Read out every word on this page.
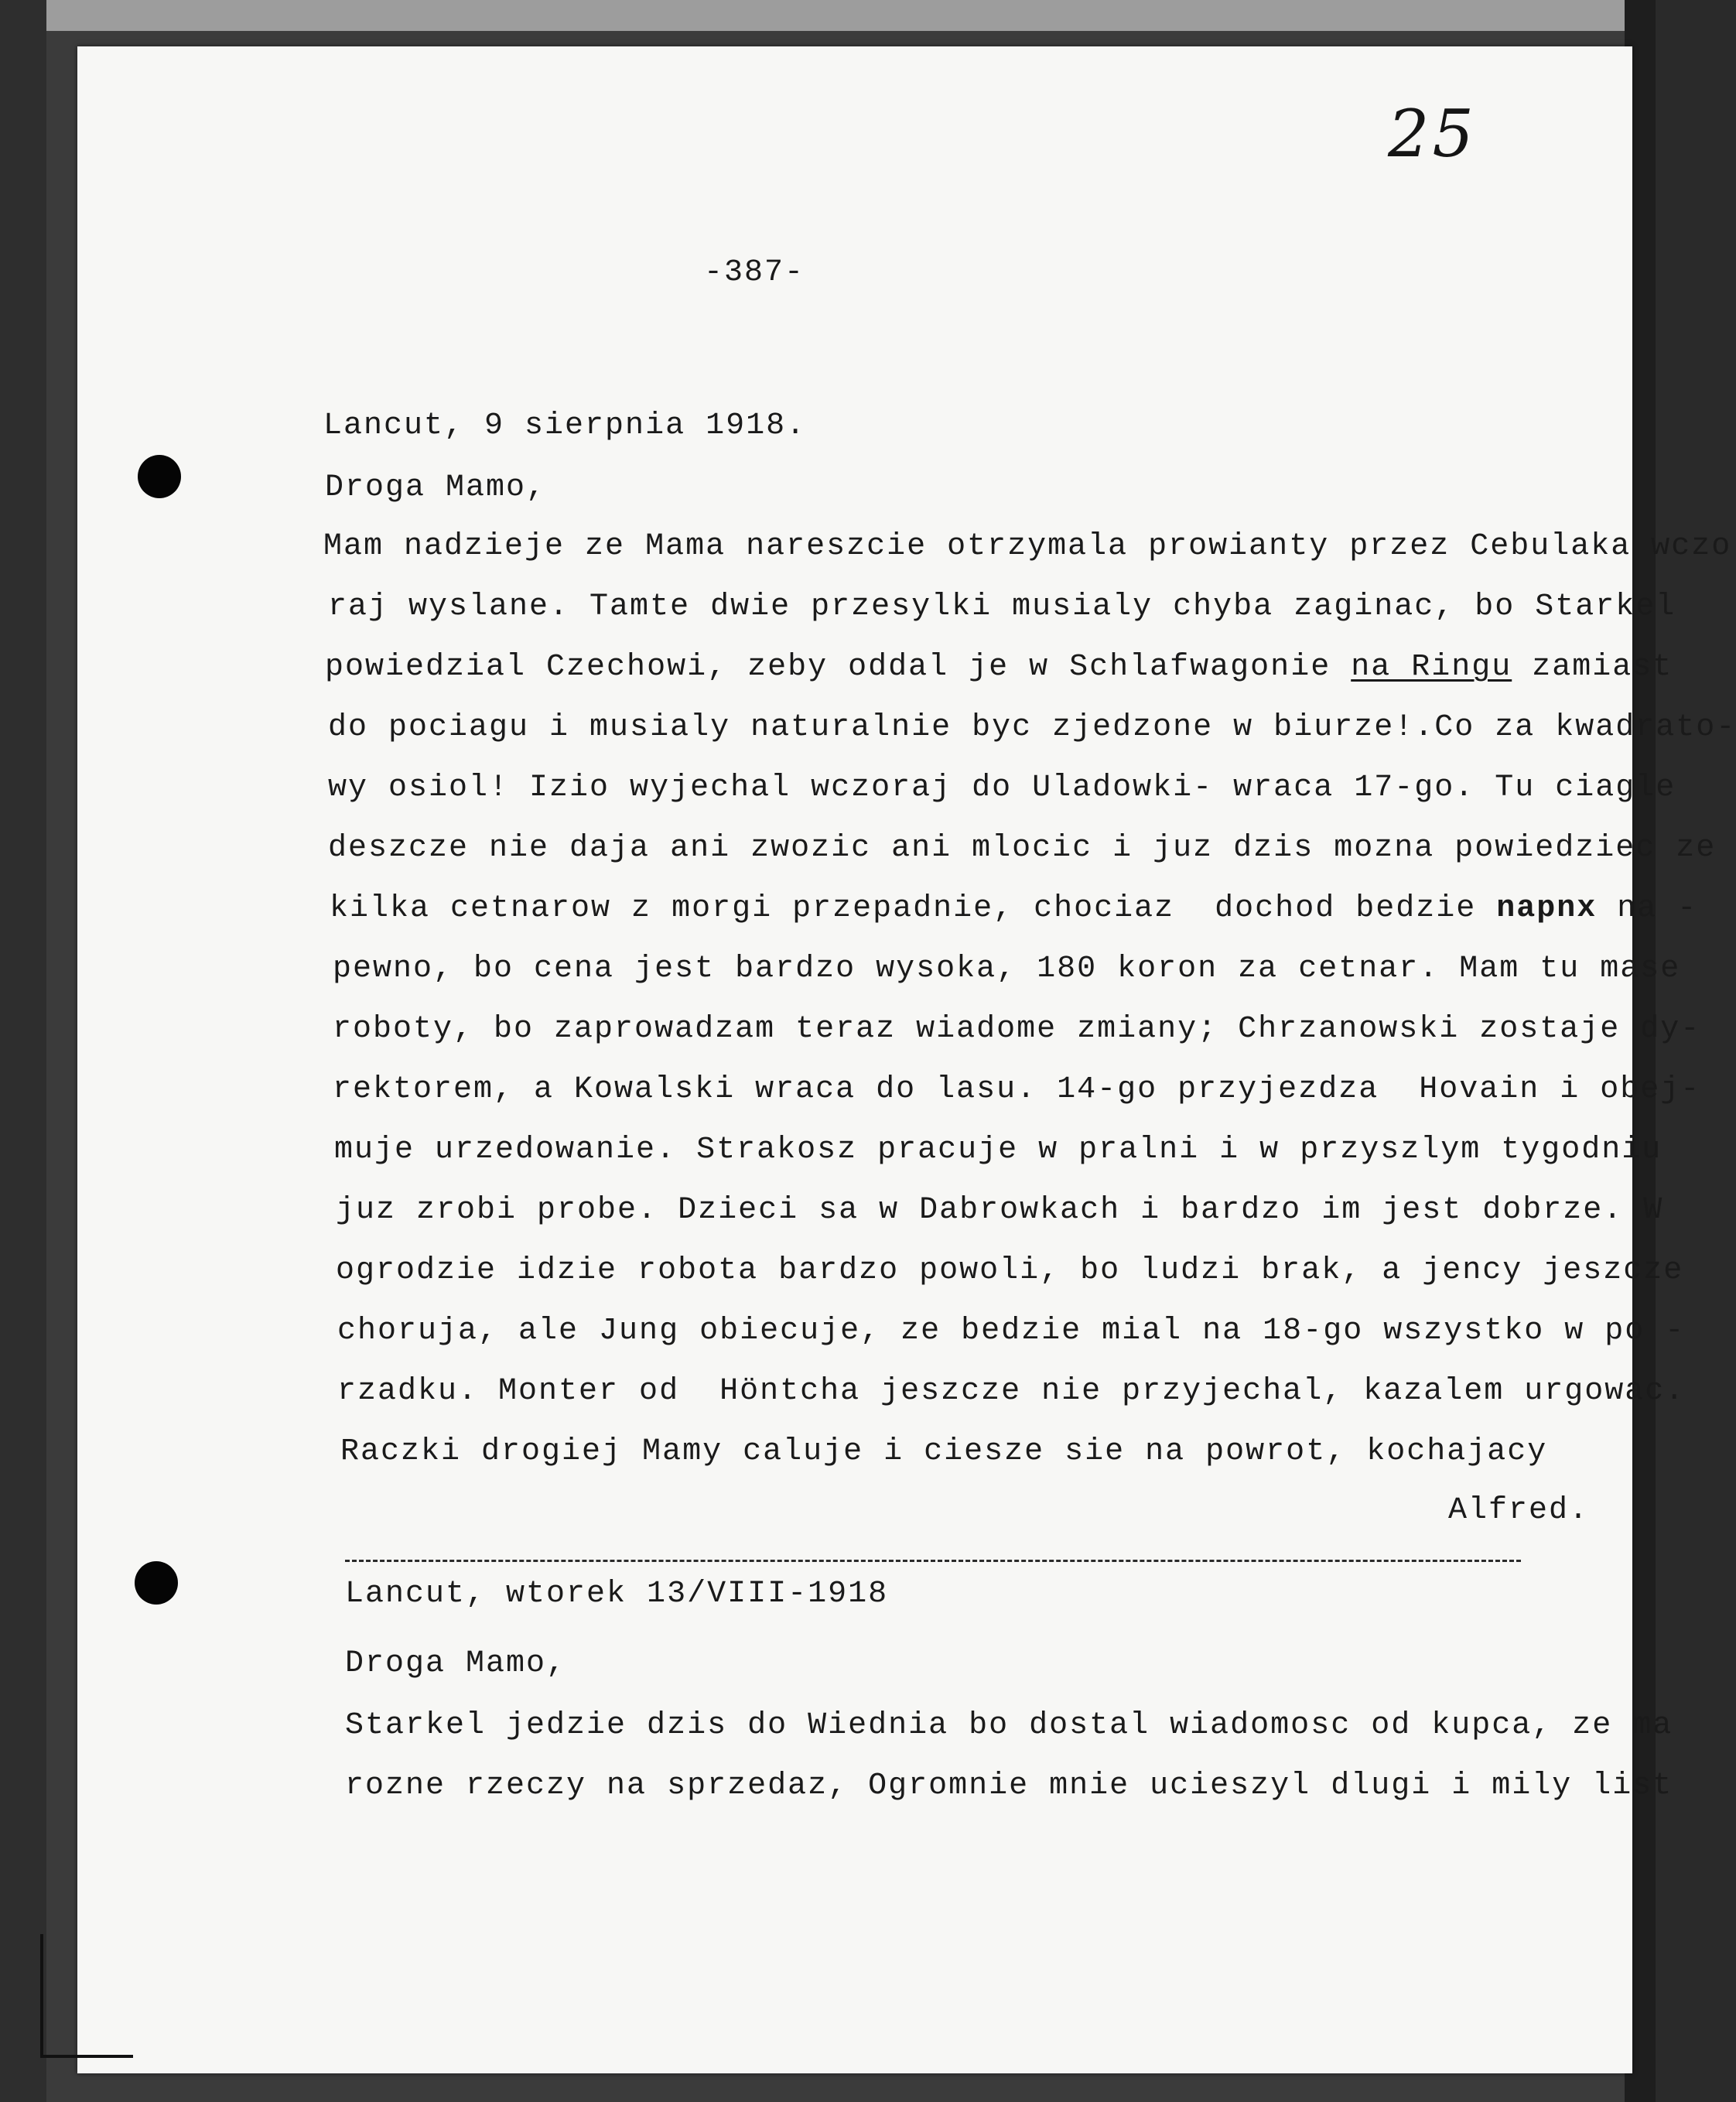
25
-387-
Lancut, 9 sierpnia 1918.
Droga Mamo,
Mam nadzieje ze Mama nareszcie otrzymala prowianty przez Cebulaka wczo
raj wyslane. Tamte dwie przesylki musialy chyba zaginac, bo Starkel
powiedzial Czechowi, zeby oddal je w Schlafwagonie na Ringu zamiast
do pociagu i musialy naturalnie byc zjedzone w biurze!.Co za kwadrato-
wy osiol! Izio wyjechal wczoraj do Uladowki- wraca 17-go. Tu ciagle
deszcze nie daja ani zwozic ani mlocic i juz dzis mozna powiedziec ze
kilka cetnarow z morgi przepadnie, chociaz  dochod bedzie napnx na -
pewno, bo cena jest bardzo wysoka, 180 koron za cetnar. Mam tu mase
roboty, bo zaprowadzam teraz wiadome zmiany; Chrzanowski zostaje dy-
rektorem, a Kowalski wraca do lasu. 14-go przyjezdza  Hovain i obej-
muje urzedowanie. Strakosz pracuje w pralni i w przyszlym tygodniu
juz zrobi probe. Dzieci sa w Dabrowkach i bardzo im jest dobrze. W
ogrodzie idzie robota bardzo powoli, bo ludzi brak, a jency jeszcze
choruja, ale Jung obiecuje, ze bedzie mial na 18-go wszystko w po -
rzadku. Monter od  Höntcha jeszcze nie przyjechal, kazalem urgowac.
Raczki drogiej Mamy caluje i ciesze sie na powrot, kochajacy
Alfred.
Lancut, wtorek 13/VIII-1918
Droga Mamo,
Starkel jedzie dzis do Wiednia bo dostal wiadomosc od kupca, ze ma
rozne rzeczy na sprzedaz, Ogromnie mnie ucieszyl dlugi i mily list
